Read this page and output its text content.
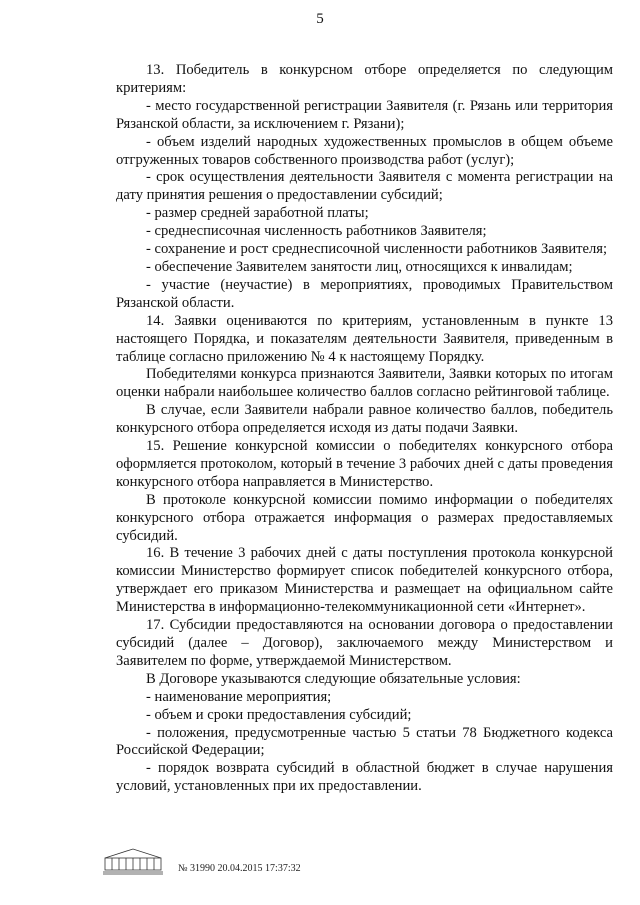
5

13. Победитель в конкурсном отборе определяется по следующим критериям:

- место государственной регистрации Заявителя (г. Рязань или территория Рязанской области, за исключением г. Рязани);

- объем изделий народных художественных промыслов в общем объеме отгруженных товаров собственного производства работ (услуг);

- срок осуществления деятельности Заявителя с момента регистрации на дату принятия решения о предоставлении субсидий;

- размер средней заработной платы;

- среднесписочная численность работников Заявителя;

- сохранение и рост среднесписочной численности работников Заявителя;

- обеспечение Заявителем занятости лиц, относящихся к инвалидам;

- участие (неучастие) в мероприятиях, проводимых Правительством Рязанской области.

14. Заявки оцениваются по критериям, установленным в пункте 13 настоящего Порядка, и показателям деятельности Заявителя, приведенным в таблице согласно приложению № 4 к настоящему Порядку.

Победителями конкурса признаются Заявители, Заявки которых по итогам оценки набрали наибольшее количество баллов согласно рейтинговой таблице.

В случае, если Заявители набрали равное количество баллов, победитель конкурсного отбора определяется исходя из даты подачи Заявки.

15. Решение конкурсной комиссии о победителях конкурсного отбора оформляется протоколом, который в течение 3 рабочих дней с даты проведения конкурсного отбора направляется в Министерство.

В протоколе конкурсной комиссии помимо информации о победителях конкурсного отбора отражается информация о размерах предоставляемых субсидий.

16. В течение 3 рабочих дней с даты поступления протокола конкурсной комиссии Министерство формирует список победителей конкурсного отбора, утверждает его приказом Министерства и размещает на официальном сайте Министерства в информационно-телекоммуникационной сети «Интернет».

17. Субсидии предоставляются на основании договора о предоставлении субсидий (далее – Договор), заключаемого между Министерством и Заявителем по форме, утверждаемой Министерством.

В Договоре указываются следующие обязательные условия:

- наименование мероприятия;

- объем и сроки предоставления субсидий;

- положения, предусмотренные частью 5 статьи 78 Бюджетного кодекса Российской Федерации;

- порядок возврата субсидий в областной бюджет в случае нарушения условий, установленных при их предоставлении.

№ 31990 20.04.2015 17:37:32
